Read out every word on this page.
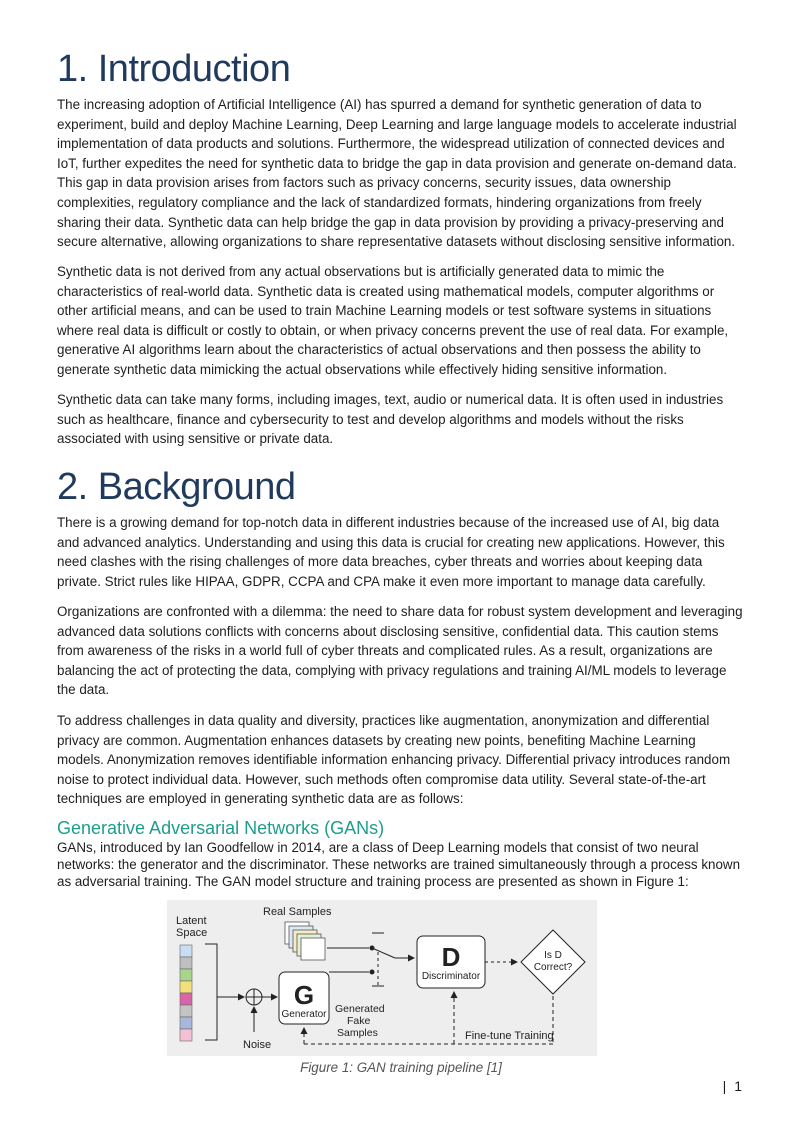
1. Introduction

The increasing adoption of Artificial Intelligence (AI) has spurred a demand for synthetic generation of data to experiment, build and deploy Machine Learning, Deep Learning and large language models to accelerate industrial implementation of data products and solutions. Furthermore, the widespread utilization of connected devices and IoT, further expedites the need for synthetic data to bridge the gap in data provision and generate on-demand data. This gap in data provision arises from factors such as privacy concerns, security issues, data ownership complexities, regulatory compliance and the lack of standardized formats, hindering organizations from freely sharing their data. Synthetic data can help bridge the gap in data provision by providing a privacy-preserving and secure alternative, allowing organizations to share representative datasets without disclosing sensitive information.

Synthetic data is not derived from any actual observations but is artificially generated data to mimic the characteristics of real-world data. Synthetic data is created using mathematical models, computer algorithms or other artificial means, and can be used to train Machine Learning models or test software systems in situations where real data is difficult or costly to obtain, or when privacy concerns prevent the use of real data. For example, generative AI algorithms learn about the characteristics of actual observations and then possess the ability to generate synthetic data mimicking the actual observations while effectively hiding sensitive information.

Synthetic data can take many forms, including images, text, audio or numerical data. It is often used in industries such as healthcare, finance and cybersecurity to test and develop algorithms and models without the risks associated with using sensitive or private data.

2. Background

There is a growing demand for top-notch data in different industries because of the increased use of AI, big data and advanced analytics. Understanding and using this data is crucial for creating new applications. However, this need clashes with the rising challenges of more data breaches, cyber threats and worries about keeping data private. Strict rules like HIPAA, GDPR, CCPA and CPA make it even more important to manage data carefully.

Organizations are confronted with a dilemma: the need to share data for robust system development and leveraging advanced data solutions conflicts with concerns about disclosing sensitive, confidential data. This caution stems from awareness of the risks in a world full of cyber threats and complicated rules. As a result, organizations are balancing the act of protecting the data, complying with privacy regulations and training AI/ML models to leverage the data.

To address challenges in data quality and diversity, practices like augmentation, anonymization and differential privacy are common. Augmentation enhances datasets by creating new points, benefiting Machine Learning models. Anonymization removes identifiable information enhancing privacy. Differential privacy introduces random noise to protect individual data. However, such methods often compromise data utility. Several state-of-the-art techniques are employed in generating synthetic data are as follows:

Generative Adversarial Networks (GANs)

GANs, introduced by Ian Goodfellow in 2014, are a class of Deep Learning models that consist of two neural networks: the generator and the discriminator. These networks are trained simultaneously through a process known as adversarial training. The GAN model structure and training process are presented as shown in Figure 1:

Latent
Space
Noise
G
Generator
Real Samples
D
Discriminator
Is D
Correct?
Fine-tune Training
Generated
Fake
Samples
Figure 1: GAN training pipeline [1]
| 1
